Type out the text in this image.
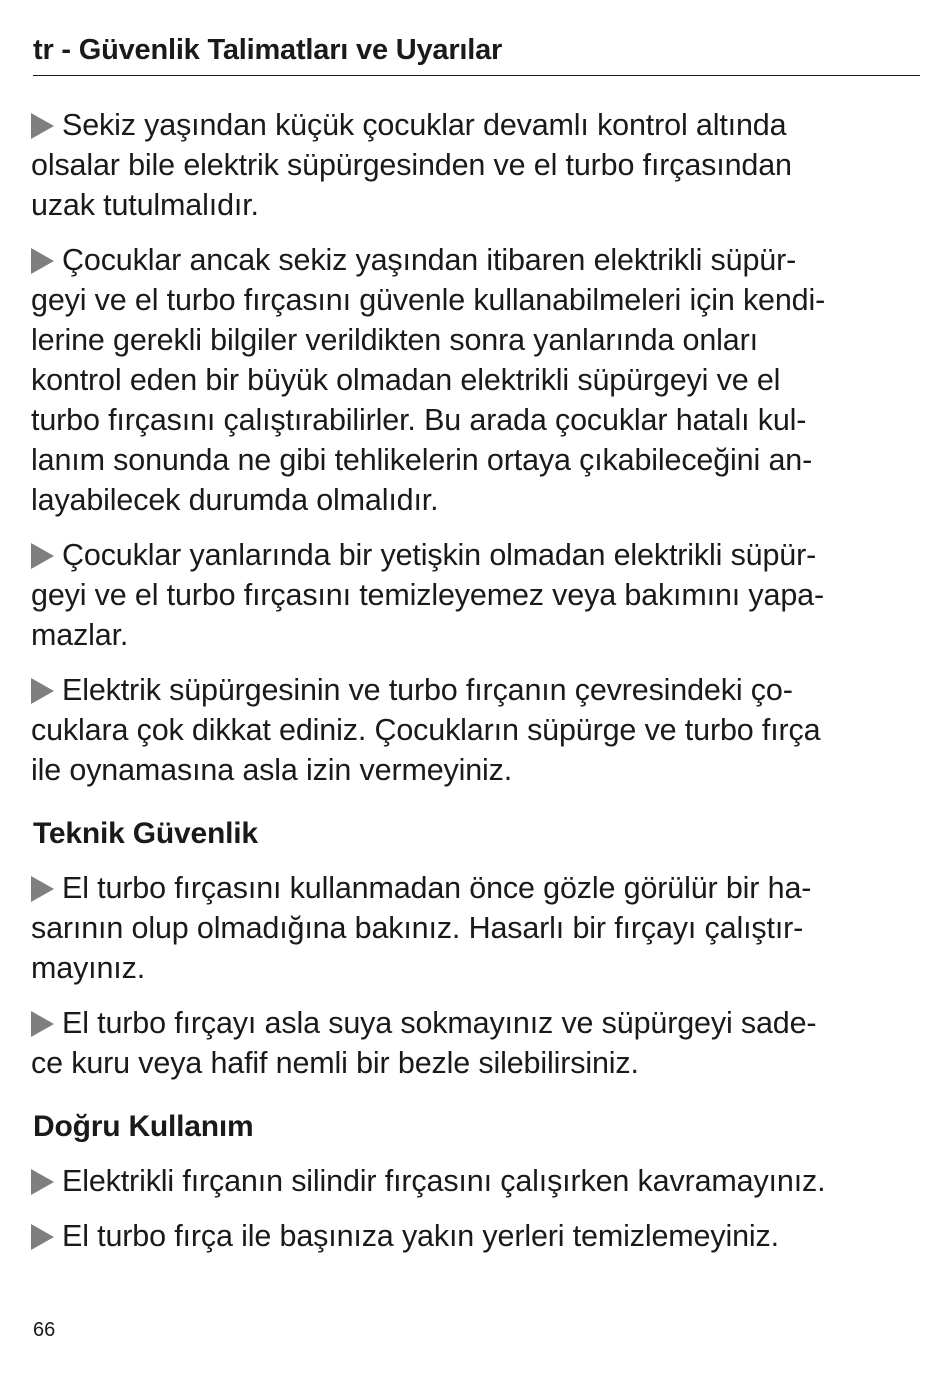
tr - Güvenlik Talimatları ve Uyarılar

Sekiz yaşından küçük çocuklar devamlı kontrol altında
olsalar bile elektrik süpürgesinden ve el turbo fırçasından
uzak tutulmalıdır.

Çocuklar ancak sekiz yaşından itibaren elektrikli süpür-
geyi ve el turbo fırçasını güvenle kullanabilmeleri için kendi-
lerine gerekli bilgiler verildikten sonra yanlarında onları
kontrol eden bir büyük olmadan elektrikli süpürgeyi ve el
turbo fırçasını çalıştırabilirler. Bu arada çocuklar hatalı kul-
lanım sonunda ne gibi tehlikelerin ortaya çıkabileceğini an-
layabilecek durumda olmalıdır.

Çocuklar yanlarında bir yetişkin olmadan elektrikli süpür-
geyi ve el turbo fırçasını temizleyemez veya bakımını yapa-
mazlar.

Elektrik süpürgesinin ve turbo fırçanın çevresindeki ço-
cuklara çok dikkat ediniz. Çocukların süpürge ve turbo fırça
ile oynamasına asla izin vermeyiniz.

Teknik Güvenlik

El turbo fırçasını kullanmadan önce gözle görülür bir ha-
sarının olup olmadığına bakınız. Hasarlı bir fırçayı çalıştır-
mayınız.

El turbo fırçayı asla suya sokmayınız ve süpürgeyi sade-
ce kuru veya hafif nemli bir bezle silebilirsiniz.

Doğru Kullanım

Elektrikli fırçanın silindir fırçasını çalışırken kavramayınız.

El turbo fırça ile başınıza yakın yerleri temizlemeyiniz.

66
